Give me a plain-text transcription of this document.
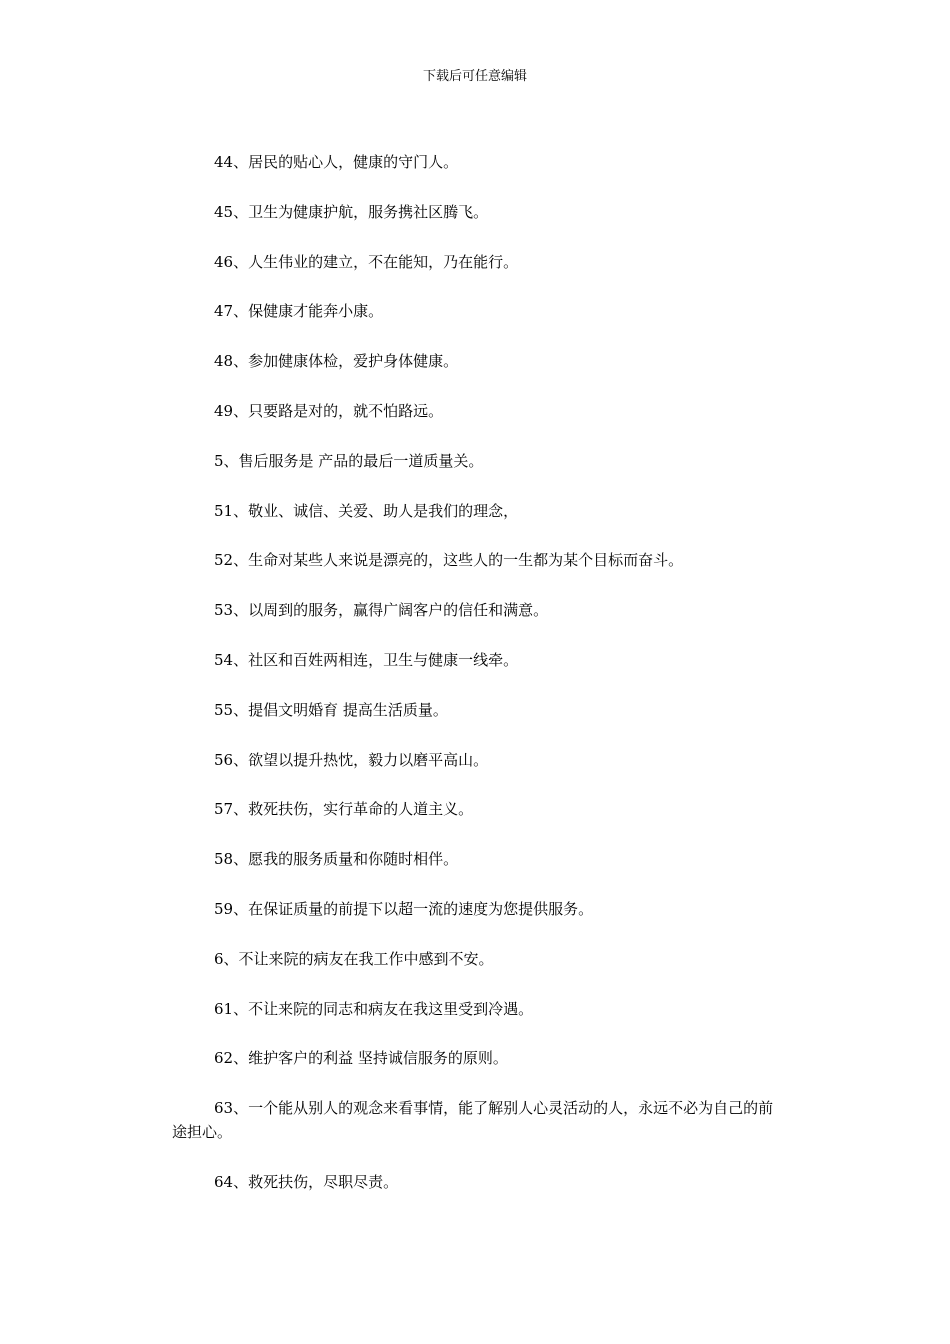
下载后可任意编辑

44、居民的贴心人，健康的守门人。

45、卫生为健康护航，服务携社区腾飞。

46、人生伟业的建立，不在能知，乃在能行。

47、保健康才能奔小康。

48、参加健康体检，爱护身体健康。

49、只要路是对的，就不怕路远。

5、售后服务是 产品的最后一道质量关。

51、敬业、诚信、关爱、助人是我们的理念，

52、生命对某些人来说是漂亮的，这些人的一生都为某个目标而奋斗。

53、以周到的服务，赢得广阔客户的信任和满意。

54、社区和百姓两相连，卫生与健康一线牵。

55、提倡文明婚育 提高生活质量。

56、欲望以提升热忱，毅力以磨平高山。

57、救死扶伤，实行革命的人道主义。

58、愿我的服务质量和你随时相伴。

59、在保证质量的前提下以超一流的速度为您提供服务。

6、不让来院的病友在我工作中感到不安。

61、不让来院的同志和病友在我这里受到冷遇。

62、维护客户的利益 坚持诚信服务的原则。

63、一个能从别人的观念来看事情，能了解别人心灵活动的人，永远不必为自己的前途担心。

64、救死扶伤，尽职尽责。
